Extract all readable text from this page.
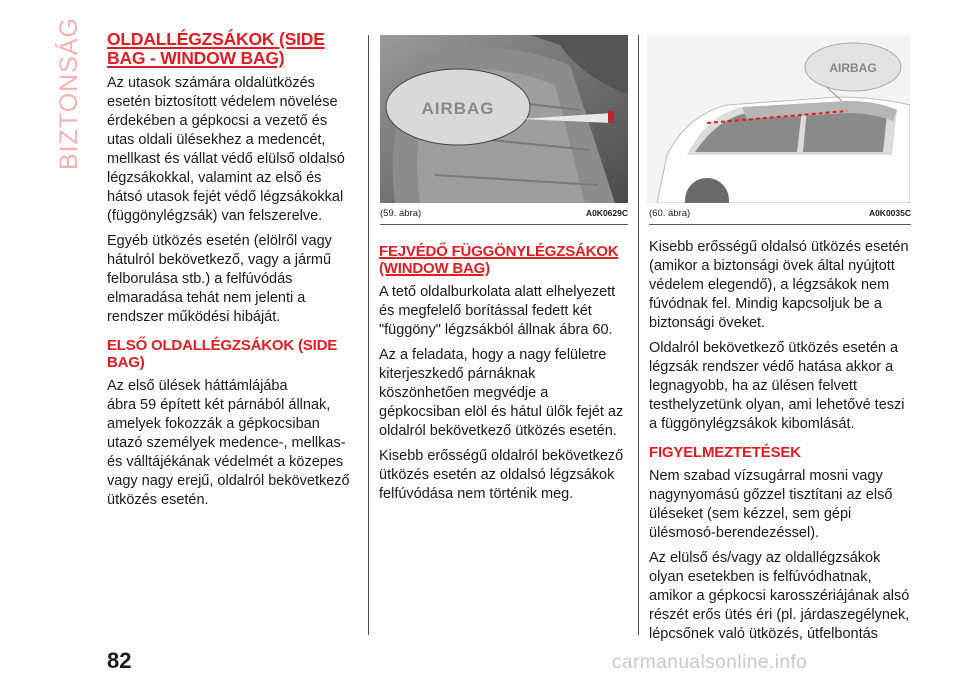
BIZTONSÁG OLDALLÉGZSÁKOK (SIDE BAG - WINDOW BAG)

Az utasok számára oldalütközés esetén biztosított védelem növelése érdekében a gépkocsi a vezető és utas oldali ülésekhez a medencét, mellkast és vállat védő elülső oldalsó légzsákokkal, valamint az első és hátsó utasok fejét védő légzsákokkal (függönylégzsák) van felszerelve.

Egyéb ütközés esetén (elölről vagy hátulról bekövetkező, vagy a jármű felborulása stb.) a felfúvódás elmaradása tehát nem jelenti a rendszer működési hibáját.

ELSŐ OLDALLÉGZSÁKOK (SIDE BAG)

Az első ülések háttámlájába
ábra 59 épített két párnából állnak, amelyek fokozzák a gépkocsiban utazó személyek medence-, mellkas- és válltájékának védelmét a közepes vagy nagy erejű, oldalról bekövetkező ütközés esetén.

AIRBAG
(59. ábra)	A0K0629C
AIRBAG
(60. ábra)	A0K0035C
FEJVÉDŐ FÜGGÖNYLÉGZSÁKOK (WINDOW BAG)

A tető oldalburkolata alatt elhelyezett és megfelelő borítással fedett két "függöny" légzsákból állnak ábra 60.

Az a feladata, hogy a nagy felületre kiterjeszkedő párnáknak köszönhetően megvédje a gépkocsiban elöl és hátul ülők fejét az oldalról bekövetkező ütközés esetén.

Kisebb erősségű oldalról bekövetkező ütközés esetén az oldalsó légzsákok felfúvódása nem történik meg.

Kisebb erősségű oldalsó ütközés esetén (amikor a biztonsági övek által nyújtott védelem elegendő), a légzsákok nem fúvódnak fel. Mindig kapcsoljuk be a biztonsági öveket.

Oldalról bekövetkező ütközés esetén a légzsák rendszer védő hatása akkor a legnagyobb, ha az ülésen felvett testhelyzetünk olyan, ami lehetővé teszi a függönylégzsákok kibomlását.

FIGYELMEZTETÉSEK

Nem szabad vízsugárral mosni vagy nagynyomású gőzzel tisztítani az első üléseket (sem kézzel, sem gépi ülésmosó-berendezéssel).

Az elülső és/vagy az oldallégzsákok olyan esetekben is felfúvódhatnak, amikor a gépkocsi karosszériájának alsó részét erős ütés éri (pl. járdaszegélynek, lépcsőnek való ütközés, útfelbontás

82	carmanualsonline.info
